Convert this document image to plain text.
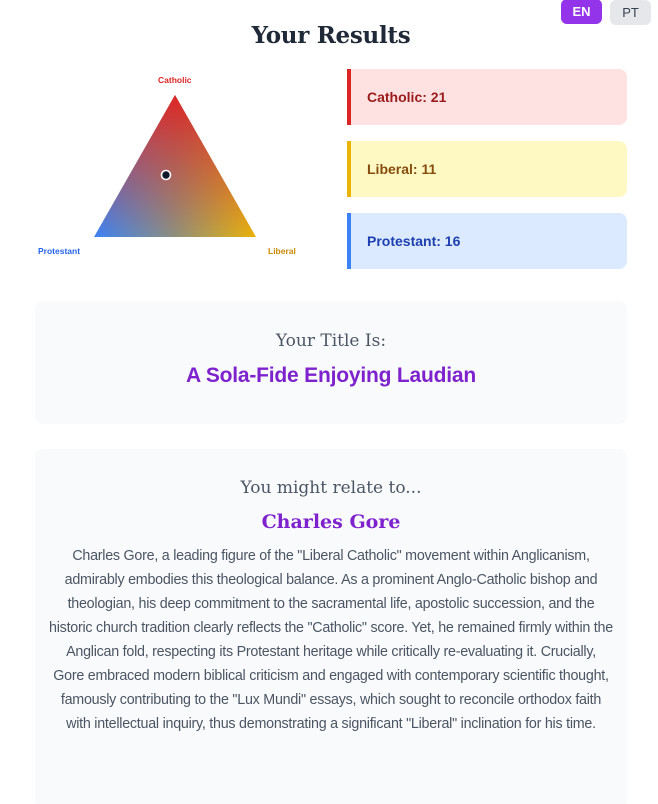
EN	PT
Your Results
Catholic
Protestant	Liberal
Catholic: 21
Liberal: 11
Protestant: 16
Your Title Is:
A Sola-Fide Enjoying Laudian
You might relate to...
Charles Gore

Charles Gore, a leading figure of the "Liberal Catholic" movement within Anglicanism, admirably embodies this theological balance. As a prominent Anglo-Catholic bishop and theologian, his deep commitment to the sacramental life, apostolic succession, and the historic church tradition clearly reflects the "Catholic" score. Yet, he remained firmly within the Anglican fold, respecting its Protestant heritage while critically re-evaluating it. Crucially, Gore embraced modern biblical criticism and engaged with contemporary scientific thought, famously contributing to the "Lux Mundi" essays, which sought to reconcile orthodox faith with intellectual inquiry, thus demonstrating a significant "Liberal" inclination for his time.
